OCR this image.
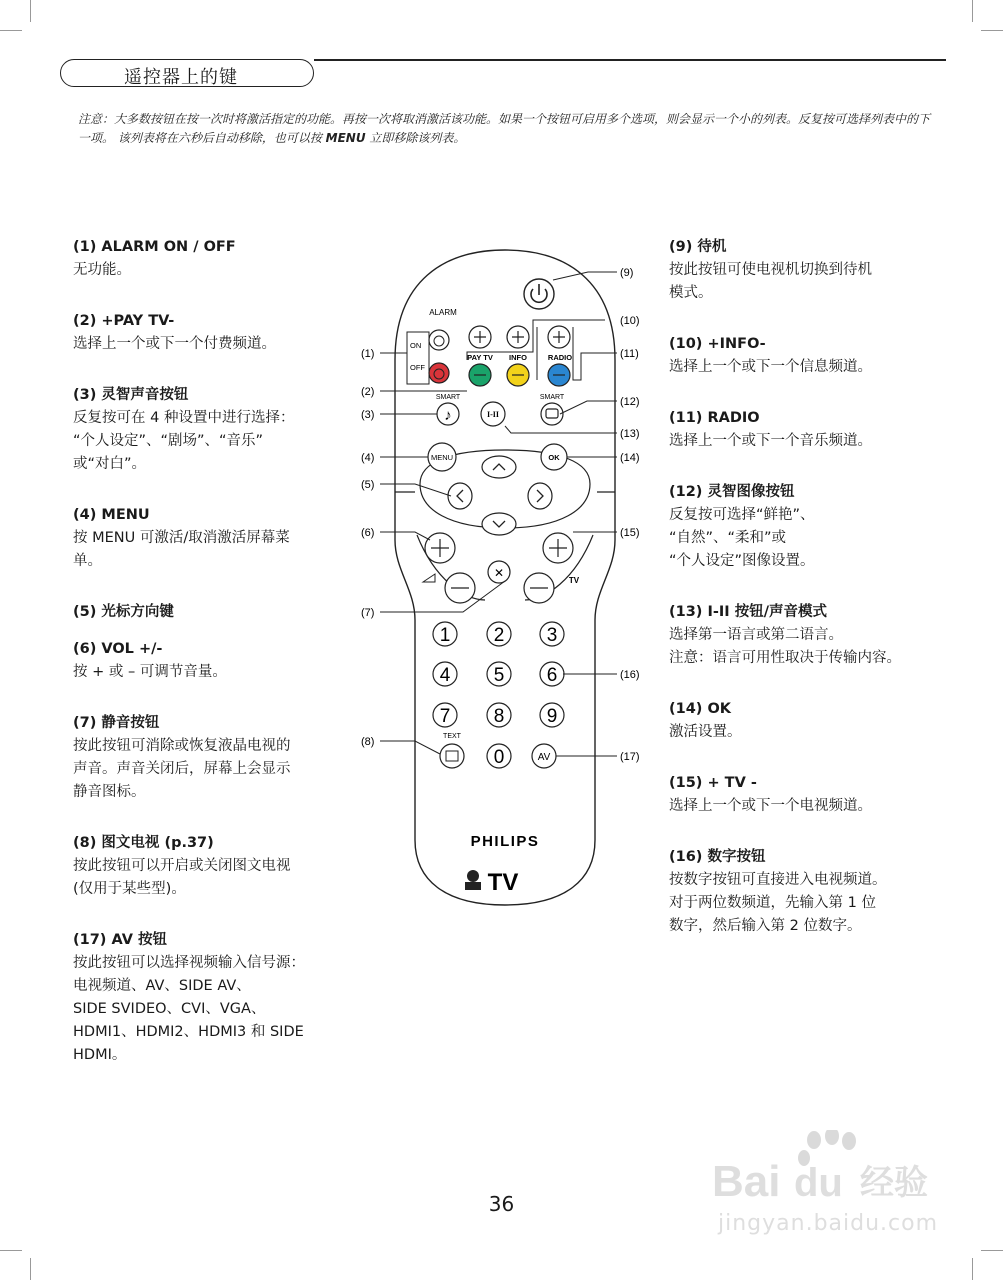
遥控器上的键
注意：大多数按钮在按一次时将激活指定的功能。再按一次将取消激活该功能。如果一个按钮可启用多个选项，则会显示一个小的列表。反复按可选择列表中的下一项。 该列表将在六秒后自动移除，也可以按 MENU 立即移除该列表。
(1) ALARM ON / OFF

无功能。

(2) +PAY TV-

选择上一个或下一个付费频道。

(3) 灵智声音按钮

反复按可在 4 种设置中进行选择：

“个人设定”、“剧场”、“音乐”

或“对白”。

(4) MENU

按 MENU 可激活/取消激活屏幕菜

单。

(5) 光标方向键
(6) VOL +/-

按 + 或 – 可调节音量。

(7) 静音按钮

按此按钮可消除或恢复液晶电视的

声音。声音关闭后，屏幕上会显示

静音图标。

(8) 图文电视 (p.37)

按此按钮可以开启或关闭图文电视

(仅用于某些型)。

(17) AV 按钮

按此按钮可以选择视频输入信号源：

电视频道、AV、SIDE AV、

SIDE SVIDEO、CVI、VGA、

HDMI1、HDMI2、HDMI3 和 SIDE

HDMI。

(9) 待机

按此按钮可使电视机切换到待机

模式。

(10) +INFO-

选择上一个或下一个信息频道。

(11) RADIO

选择上一个或下一个音乐频道。

(12) 灵智图像按钮

反复按可选择“鲜艳”、

“自然”、“柔和”或

“个人设定”图像设置。

(13) I-II 按钮/声音模式

选择第一语言或第二语言。

注意：语言可用性取决于传输内容。

(14) OK

激活设置。

(15) + TV -

选择上一个或下一个电视频道。

(16) 数字按钮

按数字按钮可直接进入电视频道。

对于两位数频道，先输入第 1 位

数字，然后输入第 2 位数字。

ALARM
ON
OFF
PAY TV INFO	RADIO
SMART
♪	I-II
SMART
MENU	OK
✕
TV
1 2 3
4 5 6
7 8 9
0
TEXT
AV
PHILIPS
TV
(9)
(10)
(11)
(1)
(2)
(12)
(3)
(13)
(4)	(14)
(5)
(6)	(15)
(7)
(16)
(8)
(17)
Bai du 经验
jingyan.baidu.com
36
